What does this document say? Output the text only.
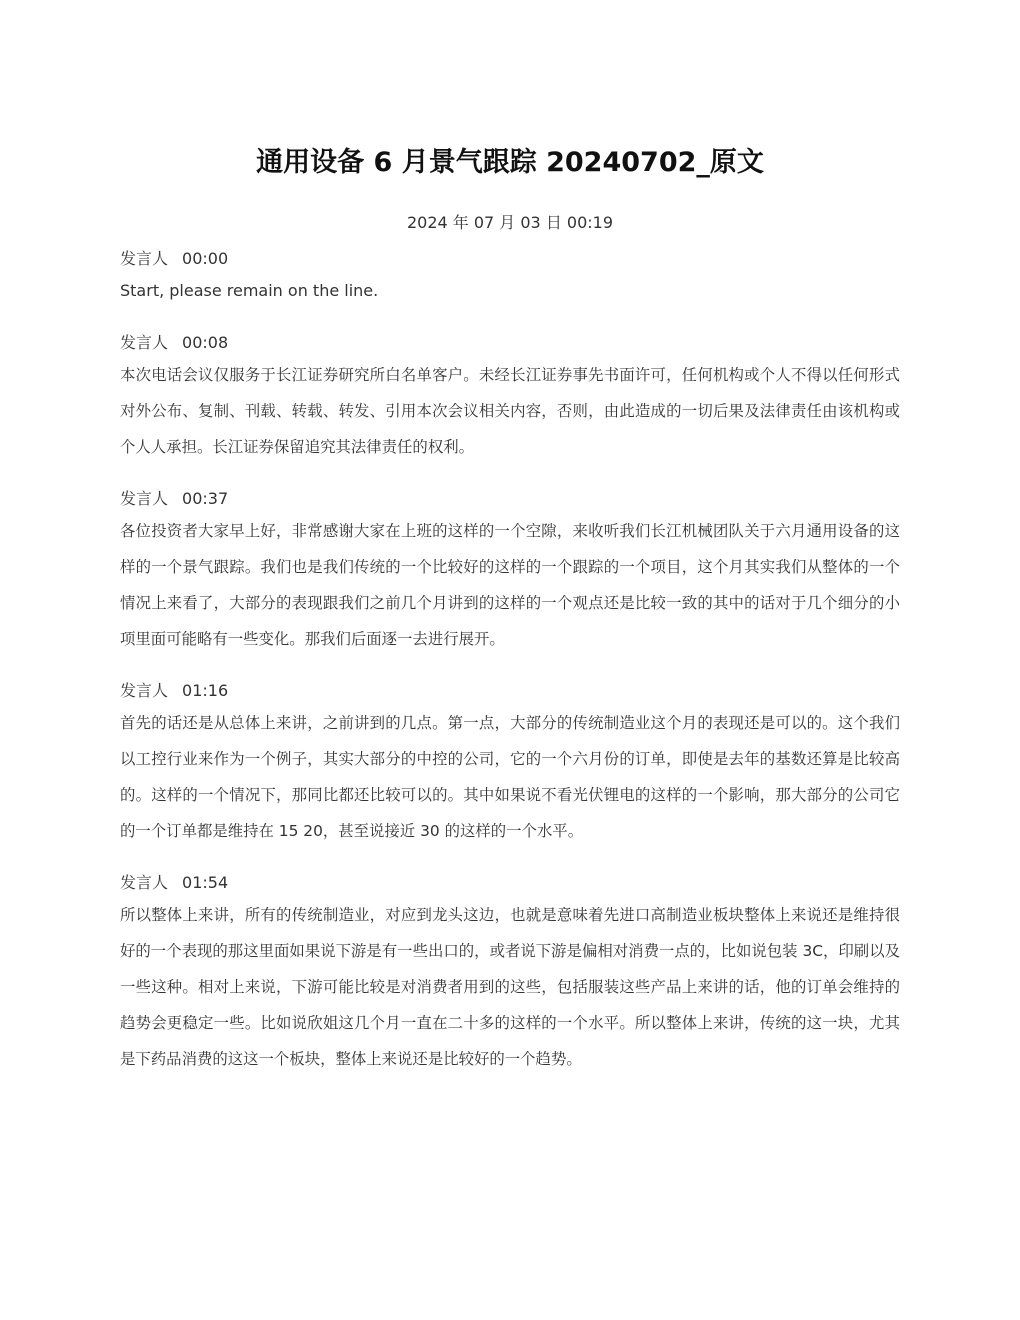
通用设备 6 月景气跟踪 20240702_原文
2024 年 07 月 03 日 00:19
发言人 00:00

Start, please remain on the line.

发言人 00:08

本次电话会议仅服务于长江证券研究所白名单客户。未经长江证券事先书面许可，任何机构或个人不得以任何形式对外公布、复制、刊载、转载、转发、引用本次会议相关内容，否则，由此造成的一切后果及法律责任由该机构或个人人承担。长江证券保留追究其法律责任的权利。

发言人 00:37

各位投资者大家早上好，非常感谢大家在上班的这样的一个空隙，来收听我们长江机械团队关于六月通用设备的这样的一个景气跟踪。我们也是我们传统的一个比较好的这样的一个跟踪的一个项目，这个月其实我们从整体的一个情况上来看了，大部分的表现跟我们之前几个月讲到的这样的一个观点还是比较一致的其中的话对于几个细分的小项里面可能略有一些变化。那我们后面逐一去进行展开。

发言人 01:16

首先的话还是从总体上来讲，之前讲到的几点。第一点，大部分的传统制造业这个月的表现还是可以的。这个我们以工控行业来作为一个例子，其实大部分的中控的公司，它的一个六月份的订单，即使是去年的基数还算是比较高的。这样的一个情况下，那同比都还比较可以的。其中如果说不看光伏锂电的这样的一个影响，那大部分的公司它的一个订单都是维持在 15 20，甚至说接近 30 的这样的一个水平。

发言人 01:54

所以整体上来讲，所有的传统制造业，对应到龙头这边，也就是意味着先进口高制造业板块整体上来说还是维持很好的一个表现的那这里面如果说下游是有一些出口的，或者说下游是偏相对消费一点的，比如说包装 3C，印刷以及一些这种。相对上来说，下游可能比较是对消费者用到的这些，包括服装这些产品上来讲的话，他的订单会维持的趋势会更稳定一些。比如说欣姐这几个月一直在二十多的这样的一个水平。所以整体上来讲，传统的这一块，尤其是下药品消费的这这一个板块，整体上来说还是比较好的一个趋势。
